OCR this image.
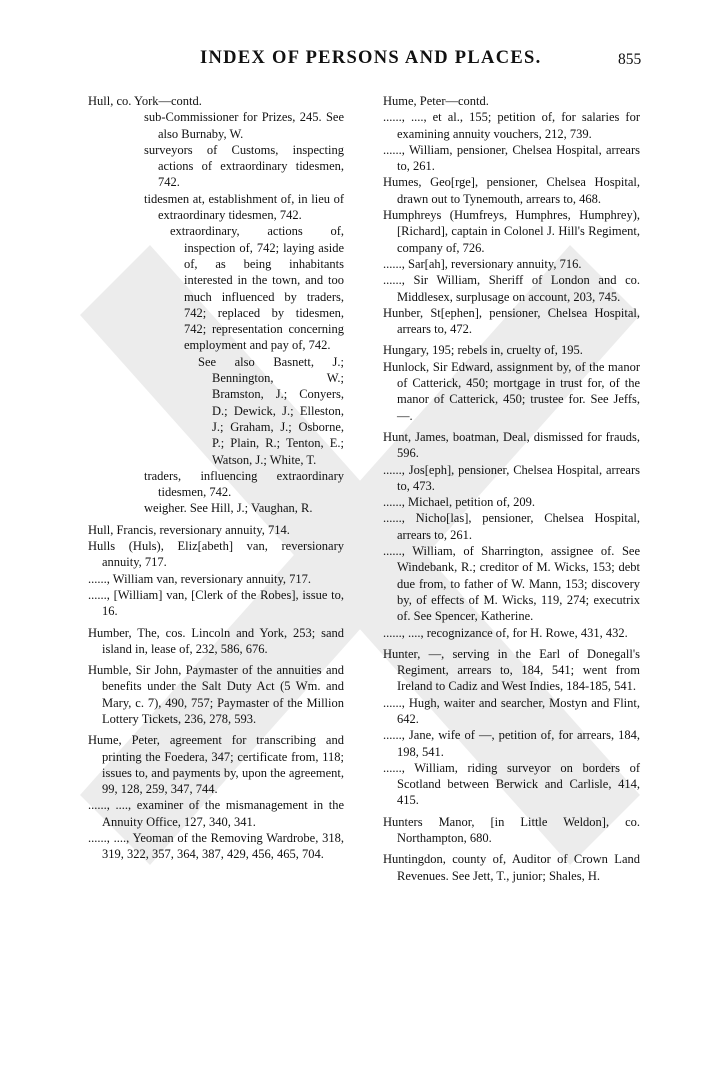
INDEX OF PERSONS AND PLACES.	855

Hull, co. York—contd.

sub-Commissioner for Prizes, 245. See also Burnaby, W.

surveyors of Customs, inspecting actions of extraordinary tidesmen, 742.

tidesmen at, establishment of, in lieu of extraordinary tidesmen, 742.

extraordinary, actions of, inspection of, 742; laying aside of, as being inhabitants interested in the town, and too much influenced by traders, 742; replaced by tidesmen, 742; representation concerning employment and pay of, 742.

See also Basnett, J.; Bennington, W.; Bramston, J.; Conyers, D.; Dewick, J.; Elleston, J.; Graham, J.; Osborne, P.; Plain, R.; Tenton, E.; Watson, J.; White, T.

traders, influencing extraordinary tidesmen, 742.

weigher. See Hill, J.; Vaughan, R.

Hull, Francis, reversionary annuity, 714.

Hulls (Huls), Eliz[abeth] van, reversionary annuity, 717.

......, William van, reversionary annuity, 717.

......, [William] van, [Clerk of the Robes], issue to, 16.

Humber, The, cos. Lincoln and York, 253; sand island in, lease of, 232, 586, 676.

Humble, Sir John, Paymaster of the annuities and benefits under the Salt Duty Act (5 Wm. and Mary, c. 7), 490, 757; Paymaster of the Million Lottery Tickets, 236, 278, 593.

Hume, Peter, agreement for transcribing and printing the Foedera, 347; certificate from, 118; issues to, and payments by, upon the agreement, 99, 128, 259, 347, 744.

......, ...., examiner of the mismanagement in the Annuity Office, 127, 340, 341.

......, ...., Yeoman of the Removing Wardrobe, 318, 319, 322, 357, 364, 387, 429, 456, 465, 704.

Hume, Peter—contd.

......, ...., et al., 155; petition of, for salaries for examining annuity vouchers, 212, 739.

......, William, pensioner, Chelsea Hospital, arrears to, 261.

Humes, Geo[rge], pensioner, Chelsea Hospital, drawn out to Tynemouth, arrears to, 468.

Humphreys (Humfreys, Humphres, Humphrey), [Richard], captain in Colonel J. Hill's Regiment, company of, 726.

......, Sar[ah], reversionary annuity, 716.

......, Sir William, Sheriff of London and co. Middlesex, surplusage on account, 203, 745.

Hunber, St[ephen], pensioner, Chelsea Hospital, arrears to, 472.

Hungary, 195; rebels in, cruelty of, 195.

Hunlock, Sir Edward, assignment by, of the manor of Catterick, 450; mortgage in trust for, of the manor of Catterick, 450; trustee for. See Jeffs, —.

Hunt, James, boatman, Deal, dismissed for frauds, 596.

......, Jos[eph], pensioner, Chelsea Hospital, arrears to, 473.

......, Michael, petition of, 209.

......, Nicho[las], pensioner, Chelsea Hospital, arrears to, 261.

......, William, of Sharrington, assignee of. See Windebank, R.; creditor of M. Wicks, 153; debt due from, to father of W. Mann, 153; discovery by, of effects of M. Wicks, 119, 274; executrix of. See Spencer, Katherine.

......, ...., recognizance of, for H. Rowe, 431, 432.

Hunter, —, serving in the Earl of Donegall's Regiment, arrears to, 184, 541; went from Ireland to Cadiz and West Indies, 184-185, 541.

......, Hugh, waiter and searcher, Mostyn and Flint, 642.

......, Jane, wife of —, petition of, for arrears, 184, 198, 541.

......, William, riding surveyor on borders of Scotland between Berwick and Carlisle, 414, 415.

Hunters Manor, [in Little Weldon], co. Northampton, 680.

Huntingdon, county of, Auditor of Crown Land Revenues. See Jett, T., junior; Shales, H.
